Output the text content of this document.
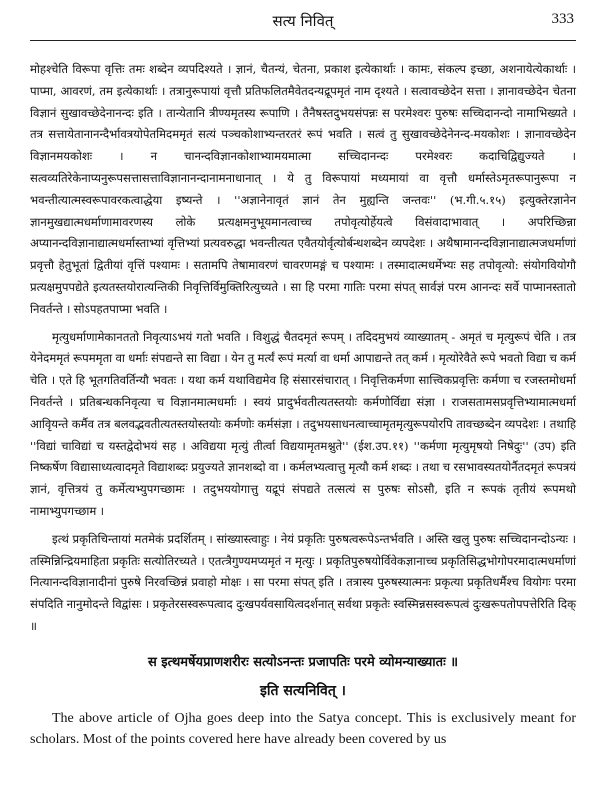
सत्य निवित्	333

मोहश्चेति विरूपा वृत्तिः तमः शब्देन व्यपदिश्यते । ज्ञानं, चैतन्यं, चेतना, प्रकाश इत्येकार्थाः । कामः, संकल्प इच्छा, अशनायेत्येकार्थाः । पाप्मा, आवरणं, तम इत्येकार्थाः । तत्रानुरूपायां वृत्तौ प्रतिफलितमैवेतदन्यद्रूपमृतं नाम दृश्यते । सत्वावच्छेदेन सत्ता । ज्ञानावच्छेदेन चेतना विज्ञानं सुखावच्छेदेनानन्दः इति । तान्येतानि त्रीण्यमृतस्य रूपाणि । तैनैषस्तदुभयसंपन्नः स परमेश्वरः पुरुषः सच्चिदानन्दो नामाभिख्यते । तत्र सत्तायेतानानन्दैर्भावत्रयोपेतमिदममृतं सत्यं पञ्चकोशाभ्यन्तरतरं रूपं भवति । सत्वं तु सुखावच्छेदेनेनन्द-मयकोशः । ज्ञानावच्छेदेन विज्ञानमयकोशः । न चानन्दविज्ञानकोशाभ्यामयमात्मा सच्चिदानन्दः परमेश्वरः कदाचिद्विद्युज्यते । सत्वव्यतिरेकेनाप्यनुरूपसत्तासत्ताविज्ञानानन्दानामनाधानात् । ये तु विरूपायां मध्यमायां वा वृत्तौ धर्मास्तेऽमृतरूपानुरूपा न भवन्तीत्यात्मस्वरूपावरकत्वाद्धेया इष्यन्ते । ''अज्ञानेनावृतं ज्ञानं तेन मुह्यन्ति जन्तवः'' (भ.गी.५.१५) इत्युक्तेरज्ञानेन ज्ञानमुखद्यात्मधर्माणामावरणस्य लोके प्रत्यक्षमनुभूयमानत्वाच्च तपोवृत्योर्हेयत्वे विसंवादाभावात् । अपरिच्छिन्ना अप्यानन्दविज्ञानाद्यात्मधर्मास्ताभ्यां वृत्तिभ्यां प्रत्यवरुद्धा भवन्तीत्यत एवैतयोर्वृत्योर्बन्धशब्देन व्यपदेशः । अथैषामानन्दविज्ञानाद्यात्मजधर्माणां प्रवृत्तौ हेतुभूतां द्वितीयां वृत्तिं पश्यामः । सतामपि तेषामावरणं चावरणमङ्गं च पश्यामः । तस्मादात्मधर्मेभ्यः सह तपोवृत्यो: संयोगवियोगौ प्रत्यक्षमुपपद्येते इत्यतस्तयोरात्यन्तिकी निवृत्तिर्विमुक्तिरित्युच्यते । सा हि परमा गातिः परमा संपत् सार्वज्ञं परम आनन्दः सर्वे पाप्मानस्तातो निवर्तन्ते । सोऽपहतपाप्मा भवति ।

मृत्युधर्माणामेकानततो निवृत्याऽभयं गतो भवति । विशुद्धं चैतदमृतं रूपम् । तदिदमुभयं व्याख्यातम् - अमृतं च मृत्युरूपं चेति । तत्र येनेदममृतं रूपममृता वा धर्माः संपद्यन्ते सा विद्या । येन तु मर्त्यं रूपं मर्त्या वा धर्मा आपाद्यन्ते तत् कर्म । मृत्योरेवैते रूपे भवतो विद्या च कर्म चेति । एते हि भूतगतिवर्तिन्यौ भवतः । यथा कर्म यथाविद्यमेव हि संसारसंचारात् । निवृत्तिकर्मणा सात्त्विकप्रवृत्तिः कर्मणा च रजस्तमोधर्मा निवर्तन्ते । प्रतिबन्धकनिवृत्या च विज्ञानमात्मधर्माः । स्वयं प्रादुर्भवतीत्यतस्तयोः कर्मणोर्विद्या संज्ञा । राजसतामसप्रवृत्तिभ्यामात्मधर्मा आवृियन्ते कर्मैव तत्र बलवद्भवतीत्यतस्तयोस्तयोः कर्मणोः कर्मसंज्ञा । तदुभयसाधनत्वाच्चामृतमृत्युरूपयोरपि तावच्छब्देन व्यपदेशः । तथाहि ''विद्यां चाविद्यां च यस्तद्वेदोभयं सह । अविद्यया मृत्युं तीर्त्वा विद्ययामृतमश्नुते'' (ईश.उप.११) ''कर्मणा मृत्युमृषयो निषेदुः'' (उप) इति निष्कर्षेण विद्यासाध्यत्वादमृते विद्याशब्दः प्रयुज्यते ज्ञानशब्दो वा । कर्मलभ्यत्वात्तु मृत्यौ कर्म शब्दः । तथा च रसभावस्यतयोर्नैतदमृतं रूपत्रयं ज्ञानं, वृत्तित्रयं तु कर्मेत्यभ्युपगच्छामः । तदुभययोगात्तु यद्रूपं संपद्यते तत्सत्यं स पुरुषः सोऽसौ, इति न रूपकं तृतीयं रूपमथो नामाभ्युपगच्छाम ।

इत्थं प्रकृतिचिन्तायां मतमेकं प्रदर्शितम् । सांख्यास्त्वाहुः । नेयं प्रकृतिः पुरुषत्वरूपेऽन्तर्भवति । अस्ति खलु पुरुषः सच्चिदानन्दोऽन्यः । तस्मिन्निन्द्रियमाहिता प्रकृतिः सत्योतिरच्यते । एतत्त्रैगुण्यमप्यमृतं न मृत्युः । प्रकृतिपुरुषयोर्विवेकज्ञानाच्च प्रकृतिसिद्धभोगोपरमादात्मधर्माणां नित्यानन्दविज्ञानादीनां पुरुषे निरवच्छिन्नं प्रवाहो मोक्षः । सा परमा संपत् इति । तत्रास्य पुरुषस्यात्मनः प्रकृत्या प्रकृतिधर्मैश्च वियोगः परमा संपदिति नानुमोदन्ते विद्वांसः । प्रकृतेरसस्वरूपत्वाद दुःखपर्यवसायित्वदर्शनात् सर्वथा प्रकृतेः स्वस्मिन्नसस्वरूपत्वं दुःखरूपतोपपत्तेरिति दिक् ॥

स इत्थमर्षेयप्राणशरीरः सत्योऽनन्तः प्रजापतिः परमे व्योमन्याख्यातः ॥
इति सत्यनिवित् ।

The above article of Ojha goes deep into the Satya concept. This is exclusively meant for scholars. Most of the points covered here have already been covered by us
